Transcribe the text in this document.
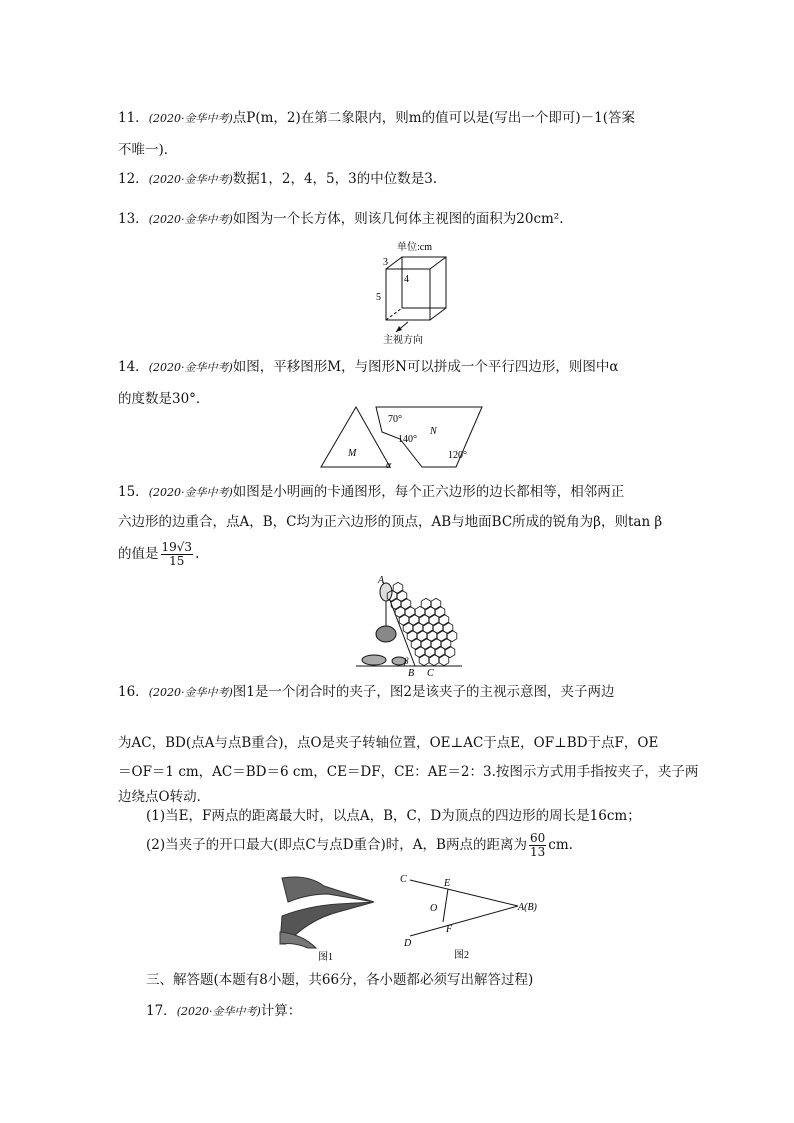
11．(2020·金华中考)点P(m，2)在第二象限内，则m的值可以是(写出一个即可)－1(答案
不唯一)．
12．(2020·金华中考)数据1，2，4，5，3的中位数是3.
13．(2020·金华中考)如图为一个长方体，则该几何体主视图的面积为20cm².
单位:cm
3
4
5
主视方向
14．(2020·金华中考)如图，平移图形M，与图形N可以拼成一个平行四边形，则图中α
的度数是30°．
M
N
70°
140°
120°
α
15．(2020·金华中考)如图是小明画的卡通图形，每个正六边形的边长都相等，相邻两正
六边形的边重合，点A，B，C均为正六边形的顶点，AB与地面BC所成的锐角为β，则tan β
的值是 $\frac{19√3}{15}$ .
A
B C
β
16．(2020·金华中考)图1是一个闭合时的夹子，图2是该夹子的主视示意图，夹子两边
为AC，BD(点A与点B重合)，点O是夹子转轴位置，OE⊥AC于点E，OF⊥BD于点F，OE
＝OF＝1 cm，AC＝BD＝6 cm，CE＝DF，CE：AE＝2：3.按图示方式用手指按夹子，夹子两
边绕点O转动．
(1)当E，F两点的距离最大时，以点A，B，C，D为顶点的四边形的周长是16cm；
(2)当夹子的开口最大(即点C与点D重合)时，A，B两点的距离为 $\frac{60}{13}$ cm.
图1
C	E
O
F
D
A(B)
图2
三、解答题(本题有8小题，共66分，各小题都必须写出解答过程)
17．(2020·金华中考)计算：
